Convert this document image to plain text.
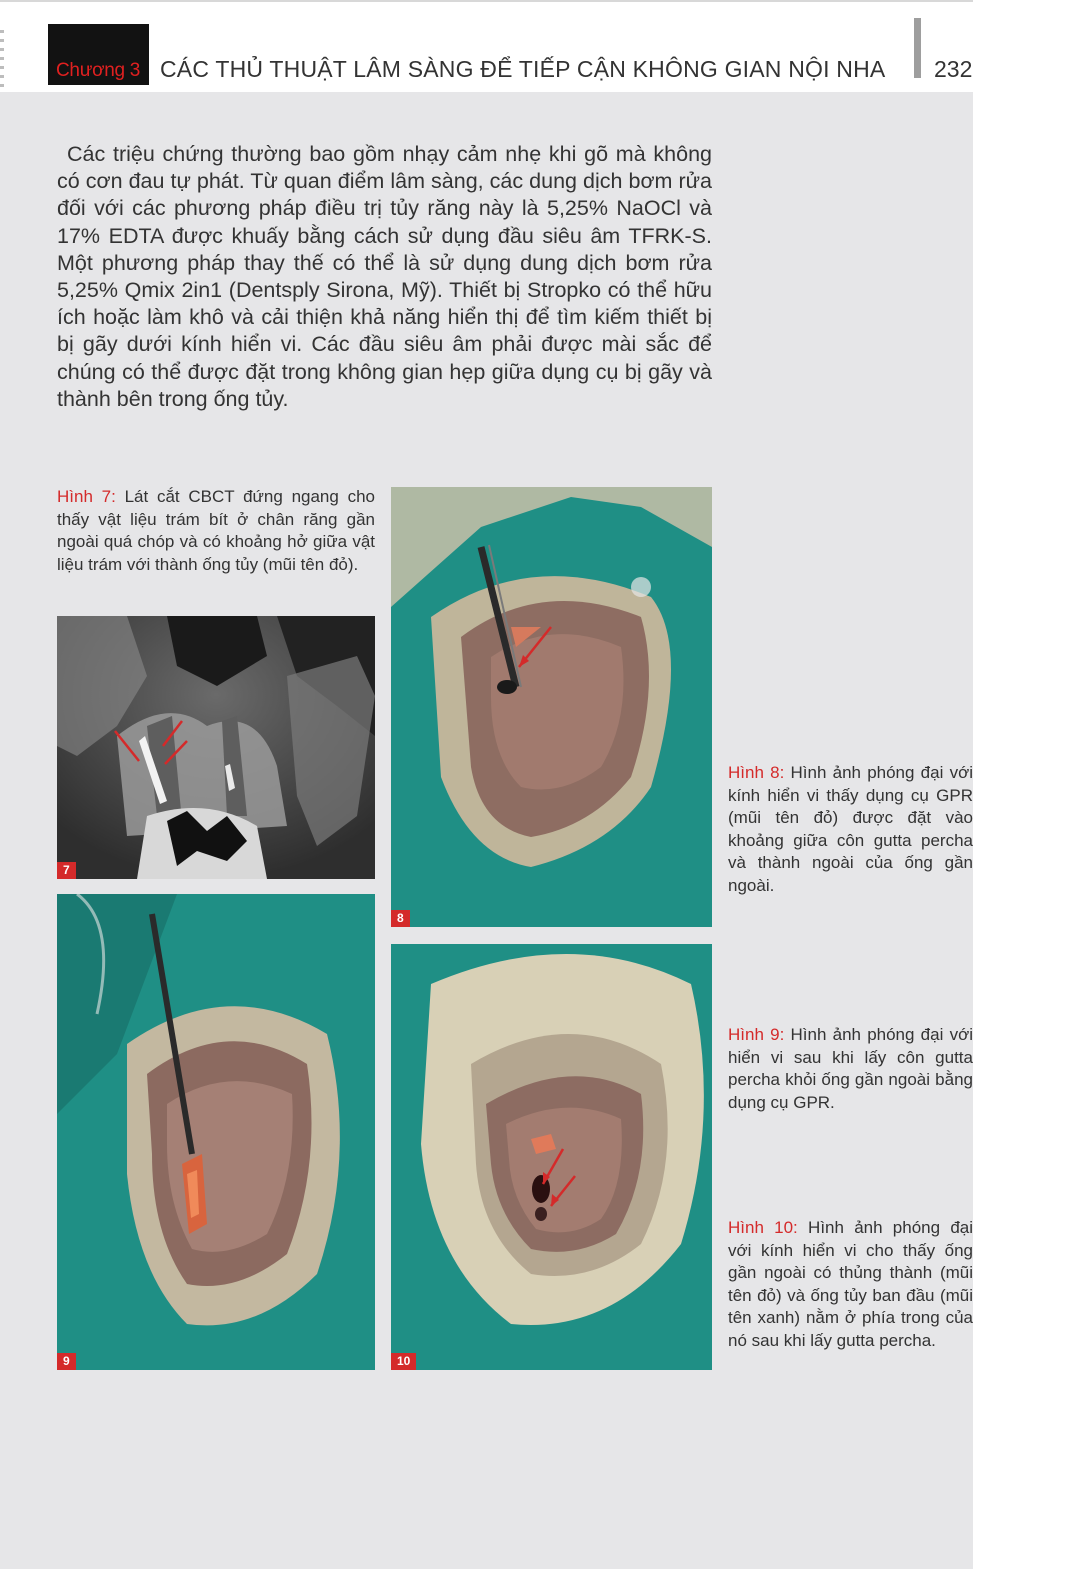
Chương 3 CÁC THỦ THUẬT LÂM SÀNG ĐỂ TIẾP CẬN KHÔNG GIAN NỘI NHA 232
Các triệu chứng thường bao gồm nhạy cảm nhẹ khi gõ mà không có cơn đau tự phát. Từ quan điểm lâm sàng, các dung dịch bơm rửa đối với các phương pháp điều trị tủy răng này là 5,25% NaOCl và 17% EDTA được khuấy bằng cách sử dụng đầu siêu âm TFRK-S. Một phương pháp thay thế có thể là sử dụng dung dịch bơm rửa 5,25% Qmix 2in1 (Dentsply Sirona, Mỹ). Thiết bị Stropko có thể hữu ích hoặc làm khô và cải thiện khả năng hiển thị để tìm kiếm thiết bị bị gãy dưới kính hiển vi. Các đầu siêu âm phải được mài sắc để chúng có thể được đặt trong không gian hẹp giữa dụng cụ bị gãy và thành bên trong ống tủy.
Hình 7: Lát cắt CBCT đứng ngang cho thấy vật liệu trám bít ở chân răng gần ngoài quá chóp và có khoảng hở giữa vật liệu trám với thành ống tủy (mũi tên đỏ).
Hình 8: Hình ảnh phóng đại với kính hiển vi thấy dụng cụ GPR (mũi tên đỏ) được đặt vào khoảng giữa côn gutta percha và thành ngoài của ống gần ngoài.
Hình 9: Hình ảnh phóng đại với hiển vi sau khi lấy côn gutta percha khỏi ống gần ngoài bằng dụng cụ GPR.
Hình 10: Hình ảnh phóng đại với kính hiển vi cho thấy ống gần ngoài có thủng thành (mũi tên đỏ) và ống tủy ban đầu (mũi tên xanh) nằm ở phía trong của nó sau khi lấy gutta percha.
7
8
9	10
